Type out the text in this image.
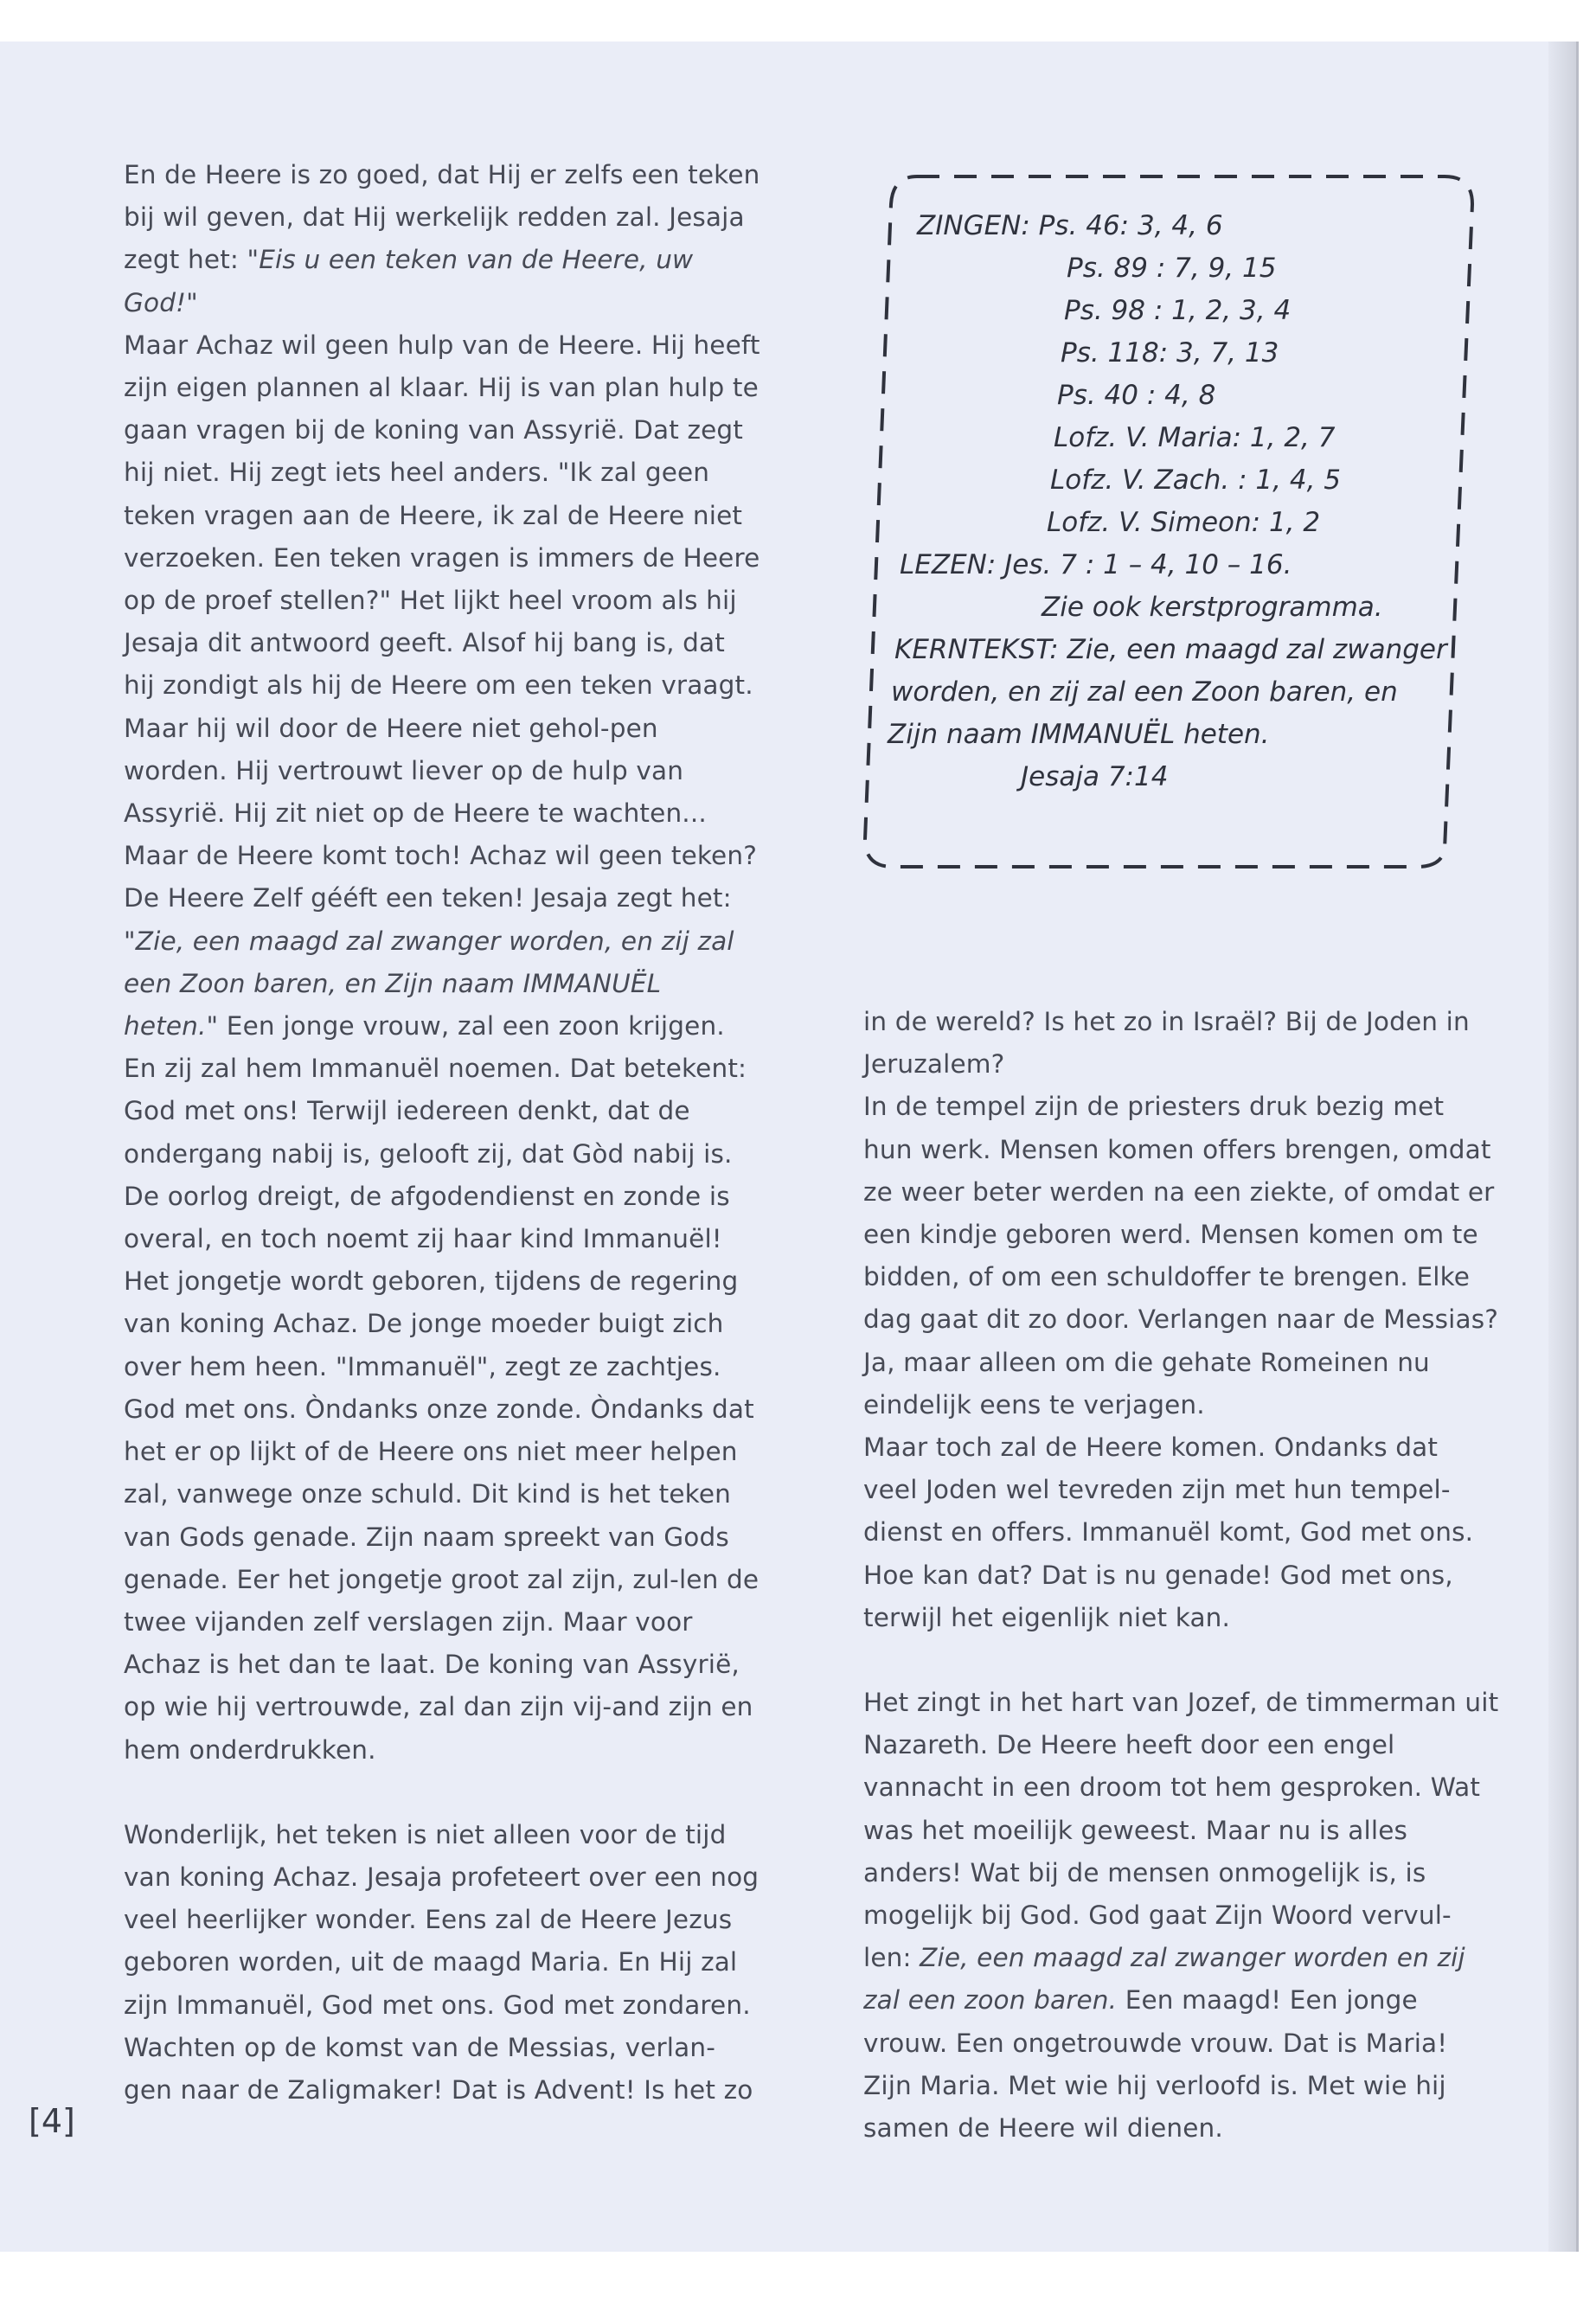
En de Heere is zo goed, dat Hij er zelfs een teken bij wil geven, dat Hij werkelijk redden zal. Jesaja zegt het: "Eis u een teken van de Heere, uw God!"

Maar Achaz wil geen hulp van de Heere. Hij heeft zijn eigen plannen al klaar. Hij is van plan hulp te gaan vragen bij de koning van Assyrië. Dat zegt hij niet. Hij zegt iets heel anders. "Ik zal geen teken vragen aan de Heere, ik zal de Heere niet verzoeken. Een teken vragen is immers de Heere op de proef stellen?" Het lijkt heel vroom als hij Jesaja dit antwoord geeft. Alsof hij bang is, dat hij zondigt als hij de Heere om een teken vraagt. Maar hij wil door de Heere niet gehol-pen worden. Hij vertrouwt liever op de hulp van Assyrië. Hij zit niet op de Heere te wachten...

Maar de Heere komt toch! Achaz wil geen teken? De Heere Zelf gééft een teken! Jesaja zegt het: "Zie, een maagd zal zwanger worden, en zij zal een Zoon baren, en Zijn naam IMMANUËL heten." Een jonge vrouw, zal een zoon krijgen. En zij zal hem Immanuël noemen. Dat betekent: God met ons! Terwijl iedereen denkt, dat de ondergang nabij is, gelooft zij, dat Gòd nabij is. De oorlog dreigt, de afgodendienst en zonde is overal, en toch noemt zij haar kind Immanuël!

Het jongetje wordt geboren, tijdens de regering van koning Achaz. De jonge moeder buigt zich over hem heen. "Immanuël", zegt ze zachtjes. God met ons. Òndanks onze zonde. Òndanks dat het er op lijkt of de Heere ons niet meer helpen zal, vanwege onze schuld. Dit kind is het teken van Gods genade. Zijn naam spreekt van Gods genade. Eer het jongetje groot zal zijn, zul-len de twee vijanden zelf verslagen zijn. Maar voor Achaz is het dan te laat. De koning van Assyrië, op wie hij vertrouwde, zal dan zijn vij-and zijn en hem onderdrukken.

Wonderlijk, het teken is niet alleen voor de tijd van koning Achaz. Jesaja profeteert over een nog veel heerlijker wonder. Eens zal de Heere Jezus geboren worden, uit de maagd Maria. En Hij zal zijn Immanuël, God met ons. God met zondaren. Wachten op de komst van de Messias, verlan-gen naar de Zaligmaker! Dat is Advent! Is het zo

ZINGEN: Ps. 46: 3, 4, 6
Ps. 89 : 7, 9, 15
Ps. 98 : 1, 2, 3, 4
Ps. 118: 3, 7, 13
Ps. 40 : 4, 8
Lofz. V. Maria: 1, 2, 7
Lofz. V. Zach. : 1, 4, 5
Lofz. V. Simeon: 1, 2
LEZEN: Jes. 7 : 1 – 4, 10 – 16.
Zie ook kerstprogramma.
KERNTEKST: Zie, een maagd zal zwanger
worden, en zij zal een Zoon baren, en
Zijn naam IMMANUËL heten.
Jesaja 7:14

in de wereld? Is het zo in Israël? Bij de Joden in Jeruzalem?

In de tempel zijn de priesters druk bezig met hun werk. Mensen komen offers brengen, omdat ze weer beter werden na een ziekte, of omdat er een kindje geboren werd. Mensen komen om te bidden, of om een schuldoffer te brengen. Elke dag gaat dit zo door. Verlangen naar de Messias? Ja, maar alleen om die gehate Romeinen nu eindelijk eens te verjagen.

Maar toch zal de Heere komen. Ondanks dat veel Joden wel tevreden zijn met hun tempel-dienst en offers. Immanuël komt, God met ons. Hoe kan dat? Dat is nu genade! God met ons, terwijl het eigenlijk niet kan.

Het zingt in het hart van Jozef, de timmerman uit Nazareth. De Heere heeft door een engel vannacht in een droom tot hem gesproken. Wat was het moeilijk geweest. Maar nu is alles anders! Wat bij de mensen onmogelijk is, is mogelijk bij God. God gaat Zijn Woord vervul-len: Zie, een maagd zal zwanger worden en zij zal een zoon baren. Een maagd! Een jonge vrouw. Een ongetrouwde vrouw. Dat is Maria! Zijn Maria. Met wie hij verloofd is. Met wie hij samen de Heere wil dienen.

[4]
